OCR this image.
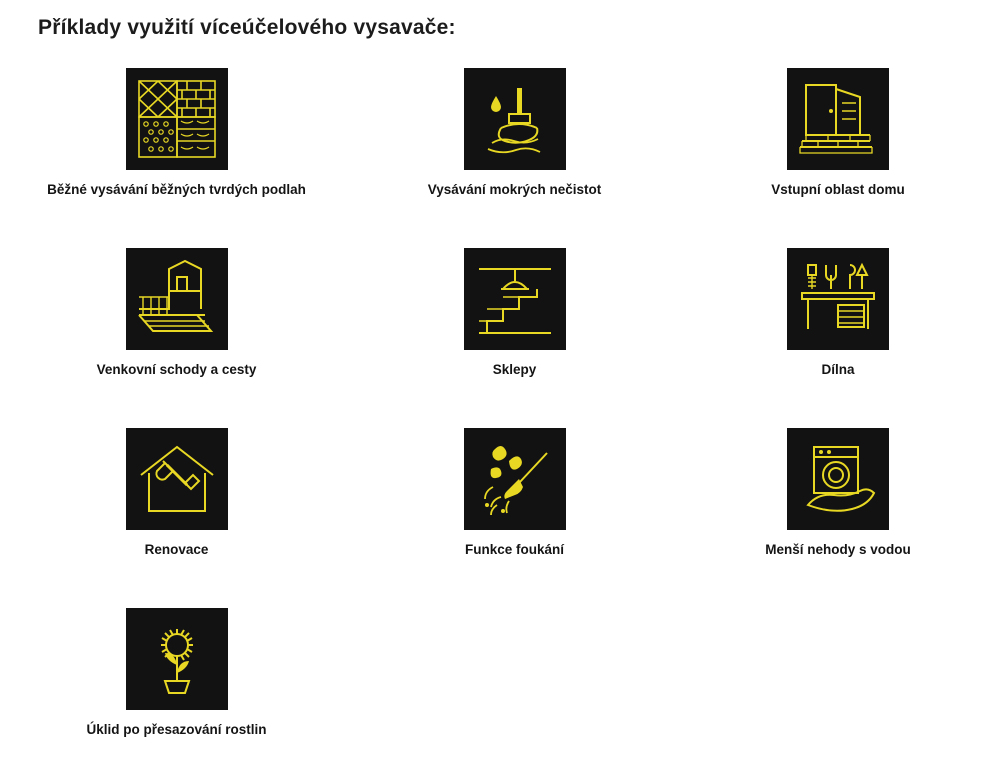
Příklady využití víceúčelového vysavače:
Běžné vysávání běžných tvrdých podlah	Vysávání mokrých nečistot	Vstupní oblast domu
Venkovní schody a cesty	Sklepy	Dílna
Renovace	Funkce foukání	Menší nehody s vodou
Úklid po přesazování rostlin
